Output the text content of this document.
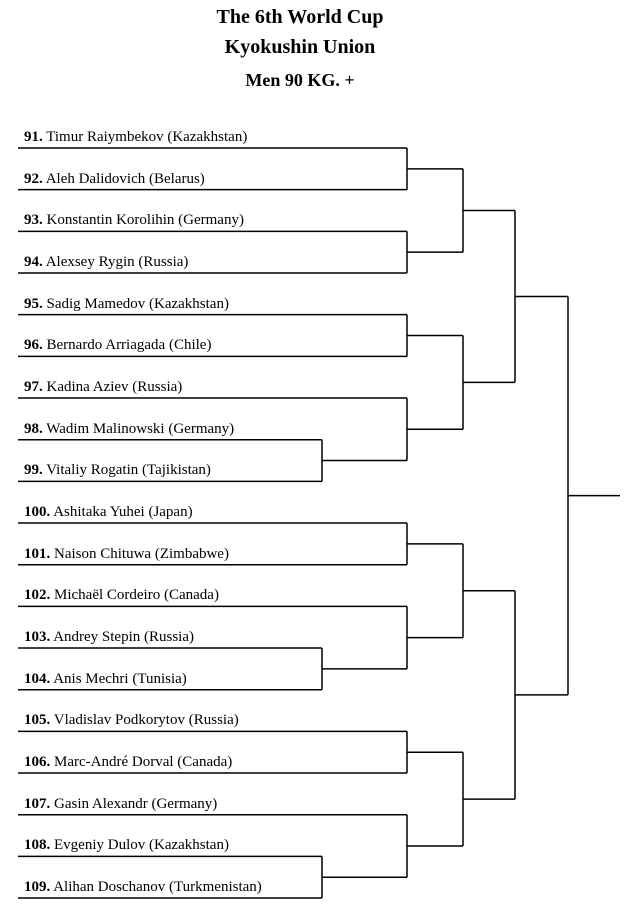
The 6th World Cup
Kyokushin Union
Men 90 KG. +
91. Timur Raiymbekov (Kazakhstan)
92. Aleh Dalidovich (Belarus)
93. Konstantin Korolihin (Germany)
94. Alexsey Rygin (Russia)
95. Sadig Mamedov (Kazakhstan)
96. Bernardo Arriagada (Chile)
97. Kadina Aziev (Russia)
98. Wadim Malinowski (Germany)
99. Vitaliy Rogatin (Tajikistan)
100. Ashitaka Yuhei (Japan)
101. Naison Chituwa (Zimbabwe)
102. Michaël Cordeiro (Canada)
103. Andrey Stepin (Russia)
104. Anis Mechri (Tunisia)
105. Vladislav Podkorytov (Russia)
106. Marc-André Dorval (Canada)
107. Gasin Alexandr (Germany)
108. Evgeniy Dulov (Kazakhstan)
109. Alihan Doschanov (Turkmenistan)
